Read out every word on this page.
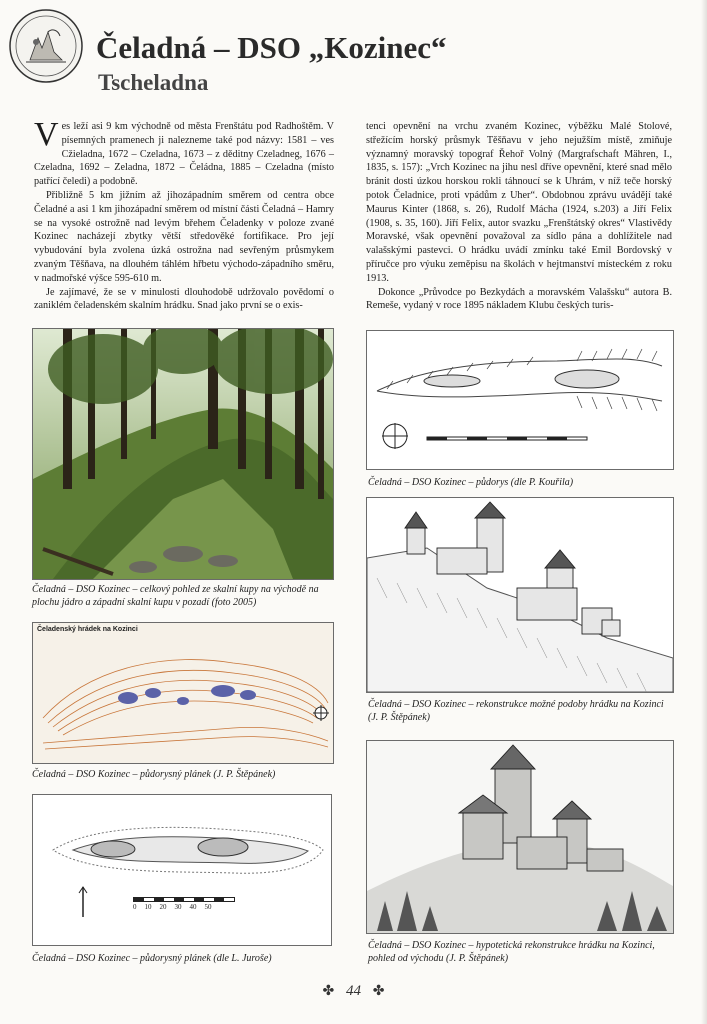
Čeladná – DSO „Kozinec“
Tscheladna

Ves leží asi 9 km východně od města Frenštátu pod Radhoštěm. V písemných pramenech ji nalezneme také pod názvy: 1581 – ves Cžieladna, 1672 – Czeladna, 1673 – z děditny Czeladneg, 1676 – Czeladna, 1692 – Zeladna, 1872 – Čeládna, 1885 – Czeladna (místo patřící čeledi) a podobně.

Přibližně 5 km jižním až jihozápadním směrem od centra obce Čeladné a asi 1 km jihozápadní směrem od místní části Čeladná – Hamry se na vysoké ostrožně nad levým břehem Čeladenky v poloze zvané Kozinec nacházejí zbytky větší středověké fortifikace. Pro její vybudování byla zvolena úzká ostrožna nad sevřeným průsmykem zvaným Těšňava, na dlouhém táhlém hřbetu východo-západního směru, v nadmořské výšce 595-610 m.

Je zajímavé, že se v minulosti dlouhodobě udržovalo povědomí o zaniklém čeladenském skalním hrádku. Snad jako první se o exis-

tenci opevnění na vrchu zvaném Kozinec, výběžku Malé Stolové, střežícím horský průsmyk Těšňavu v jeho nejužším místě, zmiňuje významný moravský topograf Řehoř Volný (Margrafschaft Mähren, I., 1835, s. 157): „Vrch Kozinec na jihu nesl dříve opevnění, které snad mělo bránit dosti úzkou horskou rokli táhnoucí se k Uhrám, v níž teče horský potok Čeladnice, proti vpádům z Uher“. Obdobnou zprávu uvádějí také Maurus Kinter (1868, s. 26), Rudolf Mácha (1924, s.203) a Jiří Felix (1908, s. 35, 160). Jiří Felix, autor svazku „Frenštátský okres“ Vlastivědy Moravské, však opevnění považoval za sídlo pána a dohlížitele nad valašskými pastevci. O hrádku uvádí zmínku také Emil Bordovský v příručce pro výuku zeměpisu na školách v hejtmanství místeckém z roku 1913.

Dokonce „Průvodce po Bezkydách a moravském Valašsku“ autora B. Remeše, vydaný v roce 1895 nákladem Klubu českých turis-

Čeladná – DSO Kozinec – celkový pohled ze skalní kupy na východě na plochu jádro a západní skalní kupu v pozadí (foto 2005)
Čeladenský hrádek na Kozinci
Čeladná – DSO Kozinec – půdorysný plánek (J. P. Štěpánek)
0 10 20 30 40 50
Čeladná – DSO Kozinec – půdorysný plánek (dle L. Juroše)
Čeladná – DSO Kozinec – půdorys (dle P. Kouřila)
Čeladná – DSO Kozinec – rekonstrukce možné podoby hrádku na Kozinci (J. P. Štěpánek)
Čeladná – DSO Kozinec – hypotetická rekonstrukce hrádku na Kozinci, pohled od východu (J. P. Štěpánek)
✤ 44 ✤
